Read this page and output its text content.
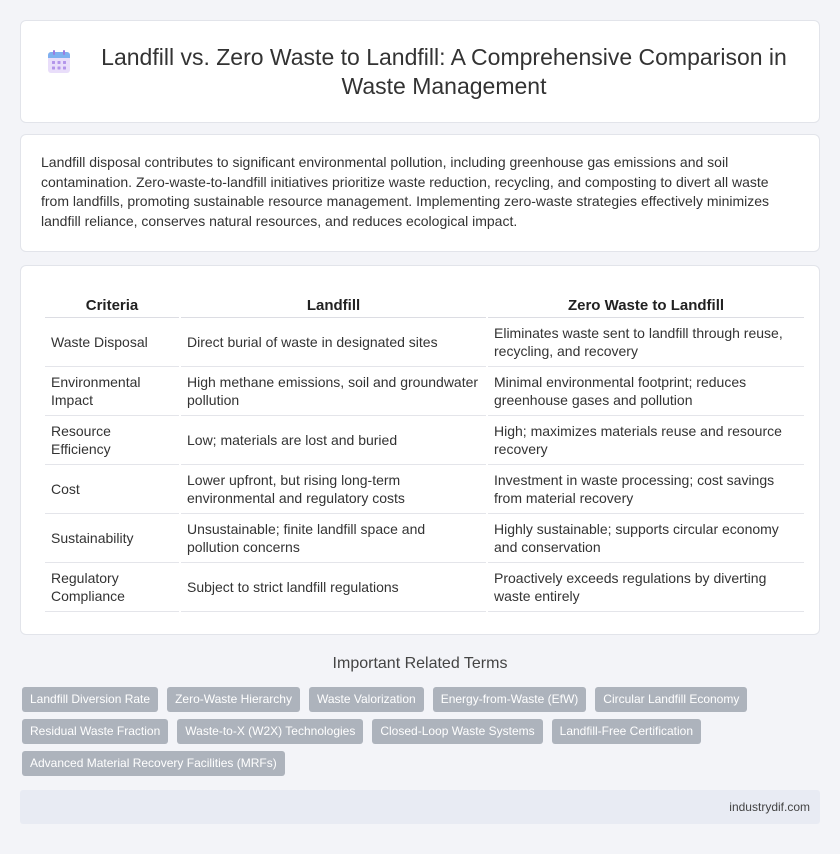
Landfill vs. Zero Waste to Landfill: A Comprehensive Comparison in Waste Management

Landfill disposal contributes to significant environmental pollution, including greenhouse gas emissions and soil contamination. Zero-waste-to-landfill initiatives prioritize waste reduction, recycling, and composting to divert all waste from landfills, promoting sustainable resource management. Implementing zero-waste strategies effectively minimizes landfill reliance, conserves natural resources, and reduces ecological impact.

Criteria	Landfill	Zero Waste to Landfill
Waste Disposal	Direct burial of waste in designated sites	Eliminates waste sent to landfill through reuse, recycling, and recovery
Environmental Impact	High methane emissions, soil and groundwater pollution	Minimal environmental footprint; reduces greenhouse gases and pollution
Resource Efficiency	Low; materials are lost and buried	High; maximizes materials reuse and resource recovery
Cost	Lower upfront, but rising long-term environmental and regulatory costs	Investment in waste processing; cost savings from material recovery
Sustainability	Unsustainable; finite landfill space and pollution concerns	Highly sustainable; supports circular economy and conservation
Regulatory Compliance	Subject to strict landfill regulations	Proactively exceeds regulations by diverting waste entirely
Important Related Terms
Landfill Diversion Rate	Zero-Waste Hierarchy	Waste Valorization	Energy-from-Waste (EfW)	Circular Landfill Economy
Residual Waste Fraction	Waste-to-X (W2X) Technologies	Closed-Loop Waste Systems	Landfill-Free Certification
Advanced Material Recovery Facilities (MRFs)
industrydif.com
